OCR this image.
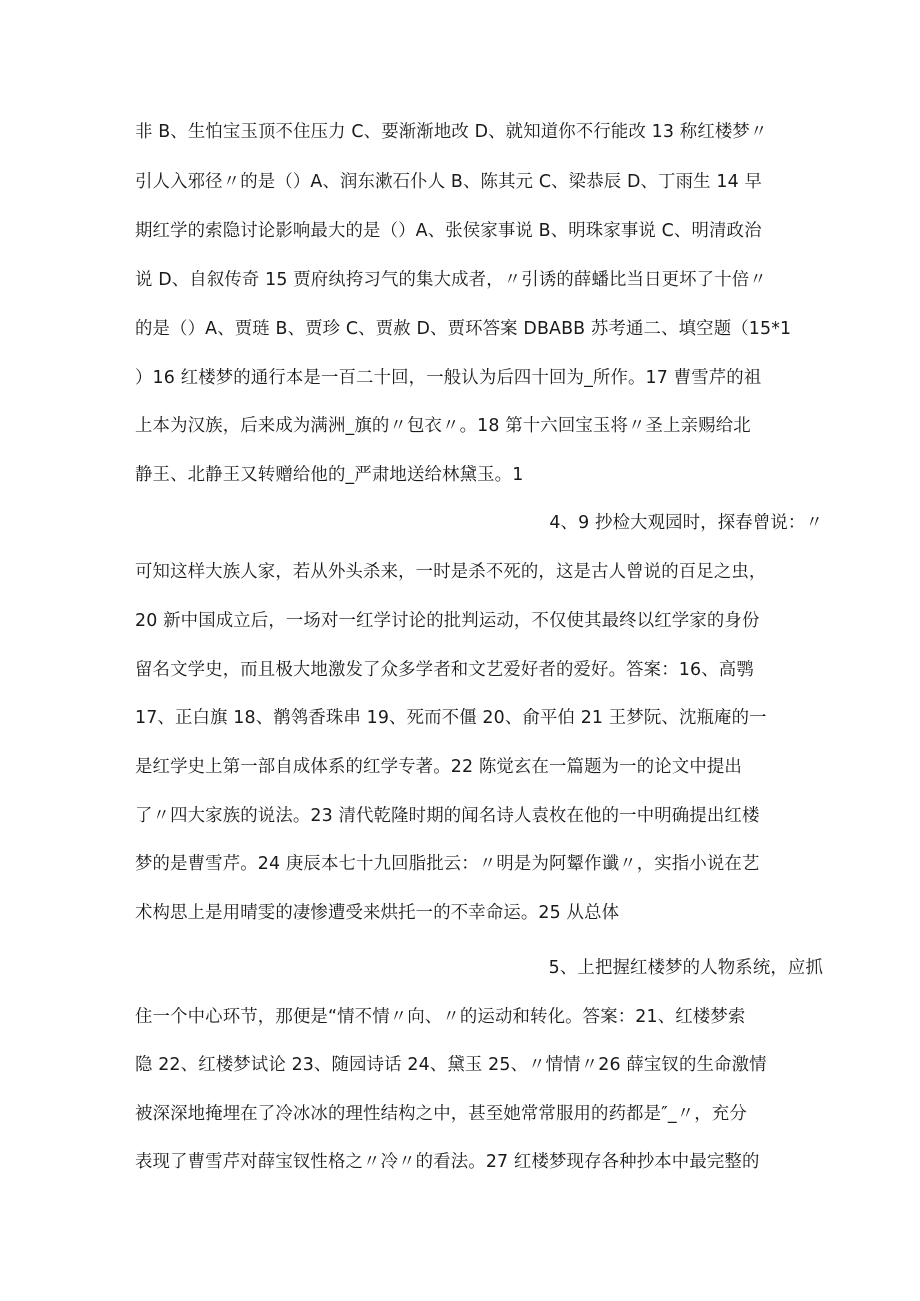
非 B、生怕宝玉顶不住压力 C、要渐渐地改 D、就知道你不行能改 13 称红楼梦〃
引人入邪径〃的是（）A、润东漱石仆人 B、陈其元 C、梁恭辰 D、丁雨生 14 早
期红学的索隐讨论影响最大的是（）A、张侯家事说 B、明珠家事说 C、明清政治
说 D、自叙传奇 15 贾府纨挎习气的集大成者，〃引诱的薛蟠比当日更坏了十倍〃
的是（）A、贾琏 B、贾珍 C、贾赦 D、贾环答案 DBABB 苏考通二、填空题（15*1
）16 红楼梦的通行本是一百二十回，一般认为后四十回为_所作。17 曹雪芹的祖
上本为汉族，后来成为满洲_旗的〃包衣〃。18 第十六回宝玉将〃圣上亲赐给北
静王、北静王又转赠给他的_严肃地送给林黛玉。1
4、9 抄检大观园时，探春曾说：〃
可知这样大族人家，若从外头杀来，一时是杀不死的，这是古人曾说的百足之虫，
20 新中国成立后，一场对一红学讨论的批判运动，不仅使其最终以红学家的身份
留名文学史，而且极大地激发了众多学者和文艺爱好者的爱好。答案：16、高鹗
17、正白旗 18、鹡鸰香珠串 19、死而不僵 20、俞平伯 21 王梦阮、沈瓶庵的一
是红学史上第一部自成体系的红学专著。22 陈觉玄在一篇题为一的论文中提出
了〃四大家族的说法。23 清代乾隆时期的闻名诗人袁枚在他的一中明确提出红楼
梦的是曹雪芹。24 庚辰本七十九回脂批云：〃明是为阿颦作谶〃，实指小说在艺
术构思上是用晴雯的凄惨遭受来烘托一的不幸命运。25 从总体
5、上把握红楼梦的人物系统，应抓
住一个中心环节，那便是“情不情〃向、〃的运动和转化。答案：21、红楼梦索
隐 22、红楼梦试论 23、随园诗话 24、黛玉 25、〃情情〃26 薛宝钗的生命激情
被深深地掩埋在了冷冰冰的理性结构之中，甚至她常常服用的药都是″_〃，充分
表现了曹雪芹对薛宝钗性格之〃冷〃的看法。27 红楼梦现存各种抄本中最完整的
